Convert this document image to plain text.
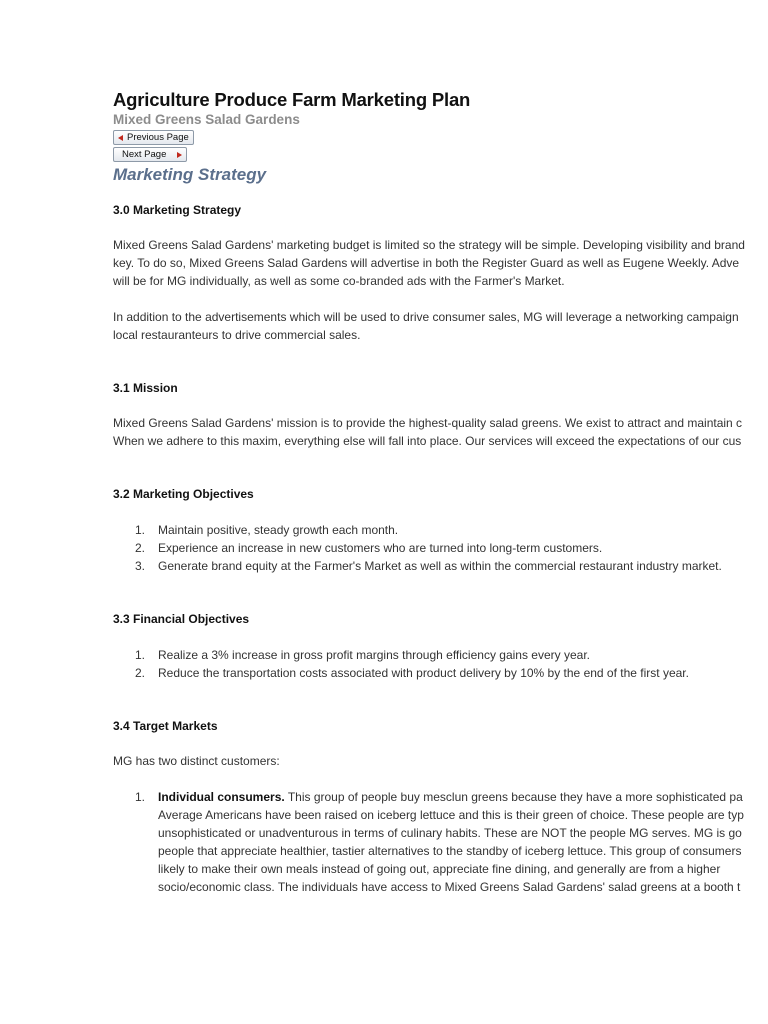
Agriculture Produce Farm Marketing Plan
Mixed Greens Salad Gardens
Previous Page
Next Page
Marketing Strategy
3.0 Marketing Strategy
Mixed Greens Salad Gardens' marketing budget is limited so the strategy will be simple. Developing visibility and brand
key. To do so, Mixed Greens Salad Gardens will advertise in both the Register Guard as well as Eugene Weekly. Adve
will be for MG individually, as well as some co-branded ads with the Farmer's Market.
In addition to the advertisements which will be used to drive consumer sales, MG will leverage a networking campaign
local restauranteurs to drive commercial sales.
3.1 Mission
Mixed Greens Salad Gardens' mission is to provide the highest-quality salad greens. We exist to attract and maintain c
When we adhere to this maxim, everything else will fall into place. Our services will exceed the expectations of our cus
3.2 Marketing Objectives
1. Maintain positive, steady growth each month.
2. Experience an increase in new customers who are turned into long-term customers.
3. Generate brand equity at the Farmer's Market as well as within the commercial restaurant industry market.
3.3 Financial Objectives
1. Realize a 3% increase in gross profit margins through efficiency gains every year.
2. Reduce the transportation costs associated with product delivery by 10% by the end of the first year.
3.4 Target Markets
MG has two distinct customers:
1. Individual consumers. This group of people buy mesclun greens because they have a more sophisticated pa
Average Americans have been raised on iceberg lettuce and this is their green of choice. These people are typ
unsophisticated or unadventurous in terms of culinary habits. These are NOT the people MG serves. MG is go
people that appreciate healthier, tastier alternatives to the standby of iceberg lettuce. This group of consumers
likely to make their own meals instead of going out, appreciate fine dining, and generally are from a higher
socio/economic class. The individuals have access to Mixed Greens Salad Gardens' salad greens at a booth t
